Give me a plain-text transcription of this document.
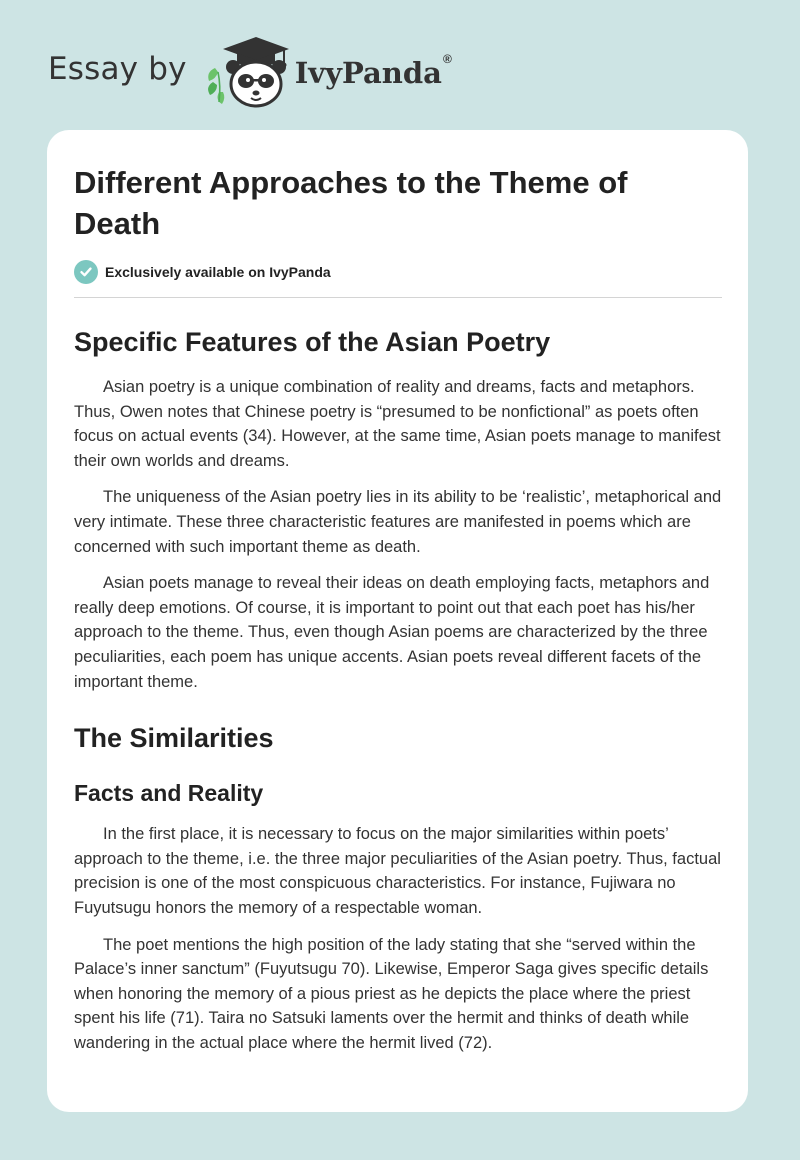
Essay by	IvyPanda®
Different Approaches to the Theme of Death
Exclusively available on IvyPanda
Specific Features of the Asian Poetry

Asian poetry is a unique combination of reality and dreams, facts and metaphors. Thus, Owen notes that Chinese poetry is “presumed to be nonfictional” as poets often focus on actual events (34). However, at the same time, Asian poets manage to manifest their own worlds and dreams.

The uniqueness of the Asian poetry lies in its ability to be ‘realistic’, metaphorical and very intimate. These three characteristic features are manifested in poems which are concerned with such important theme as death.

Asian poets manage to reveal their ideas on death employing facts, metaphors and really deep emotions. Of course, it is important to point out that each poet has his/her approach to the theme. Thus, even though Asian poems are characterized by the three peculiarities, each poem has unique accents. Asian poets reveal different facets of the important theme.

The Similarities
Facts and Reality

In the first place, it is necessary to focus on the major similarities within poets’ approach to the theme, i.e. the three major peculiarities of the Asian poetry. Thus, factual precision is one of the most conspicuous characteristics. For instance, Fujiwara no Fuyutsugu honors the memory of a respectable woman.

The poet mentions the high position of the lady stating that she “served within the Palace’s inner sanctum” (Fuyutsugu 70). Likewise, Emperor Saga gives specific details when honoring the memory of a pious priest as he depicts the place where the priest spent his life (71). Taira no Satsuki laments over the hermit and thinks of death while wandering in the actual place where the hermit lived (72).
